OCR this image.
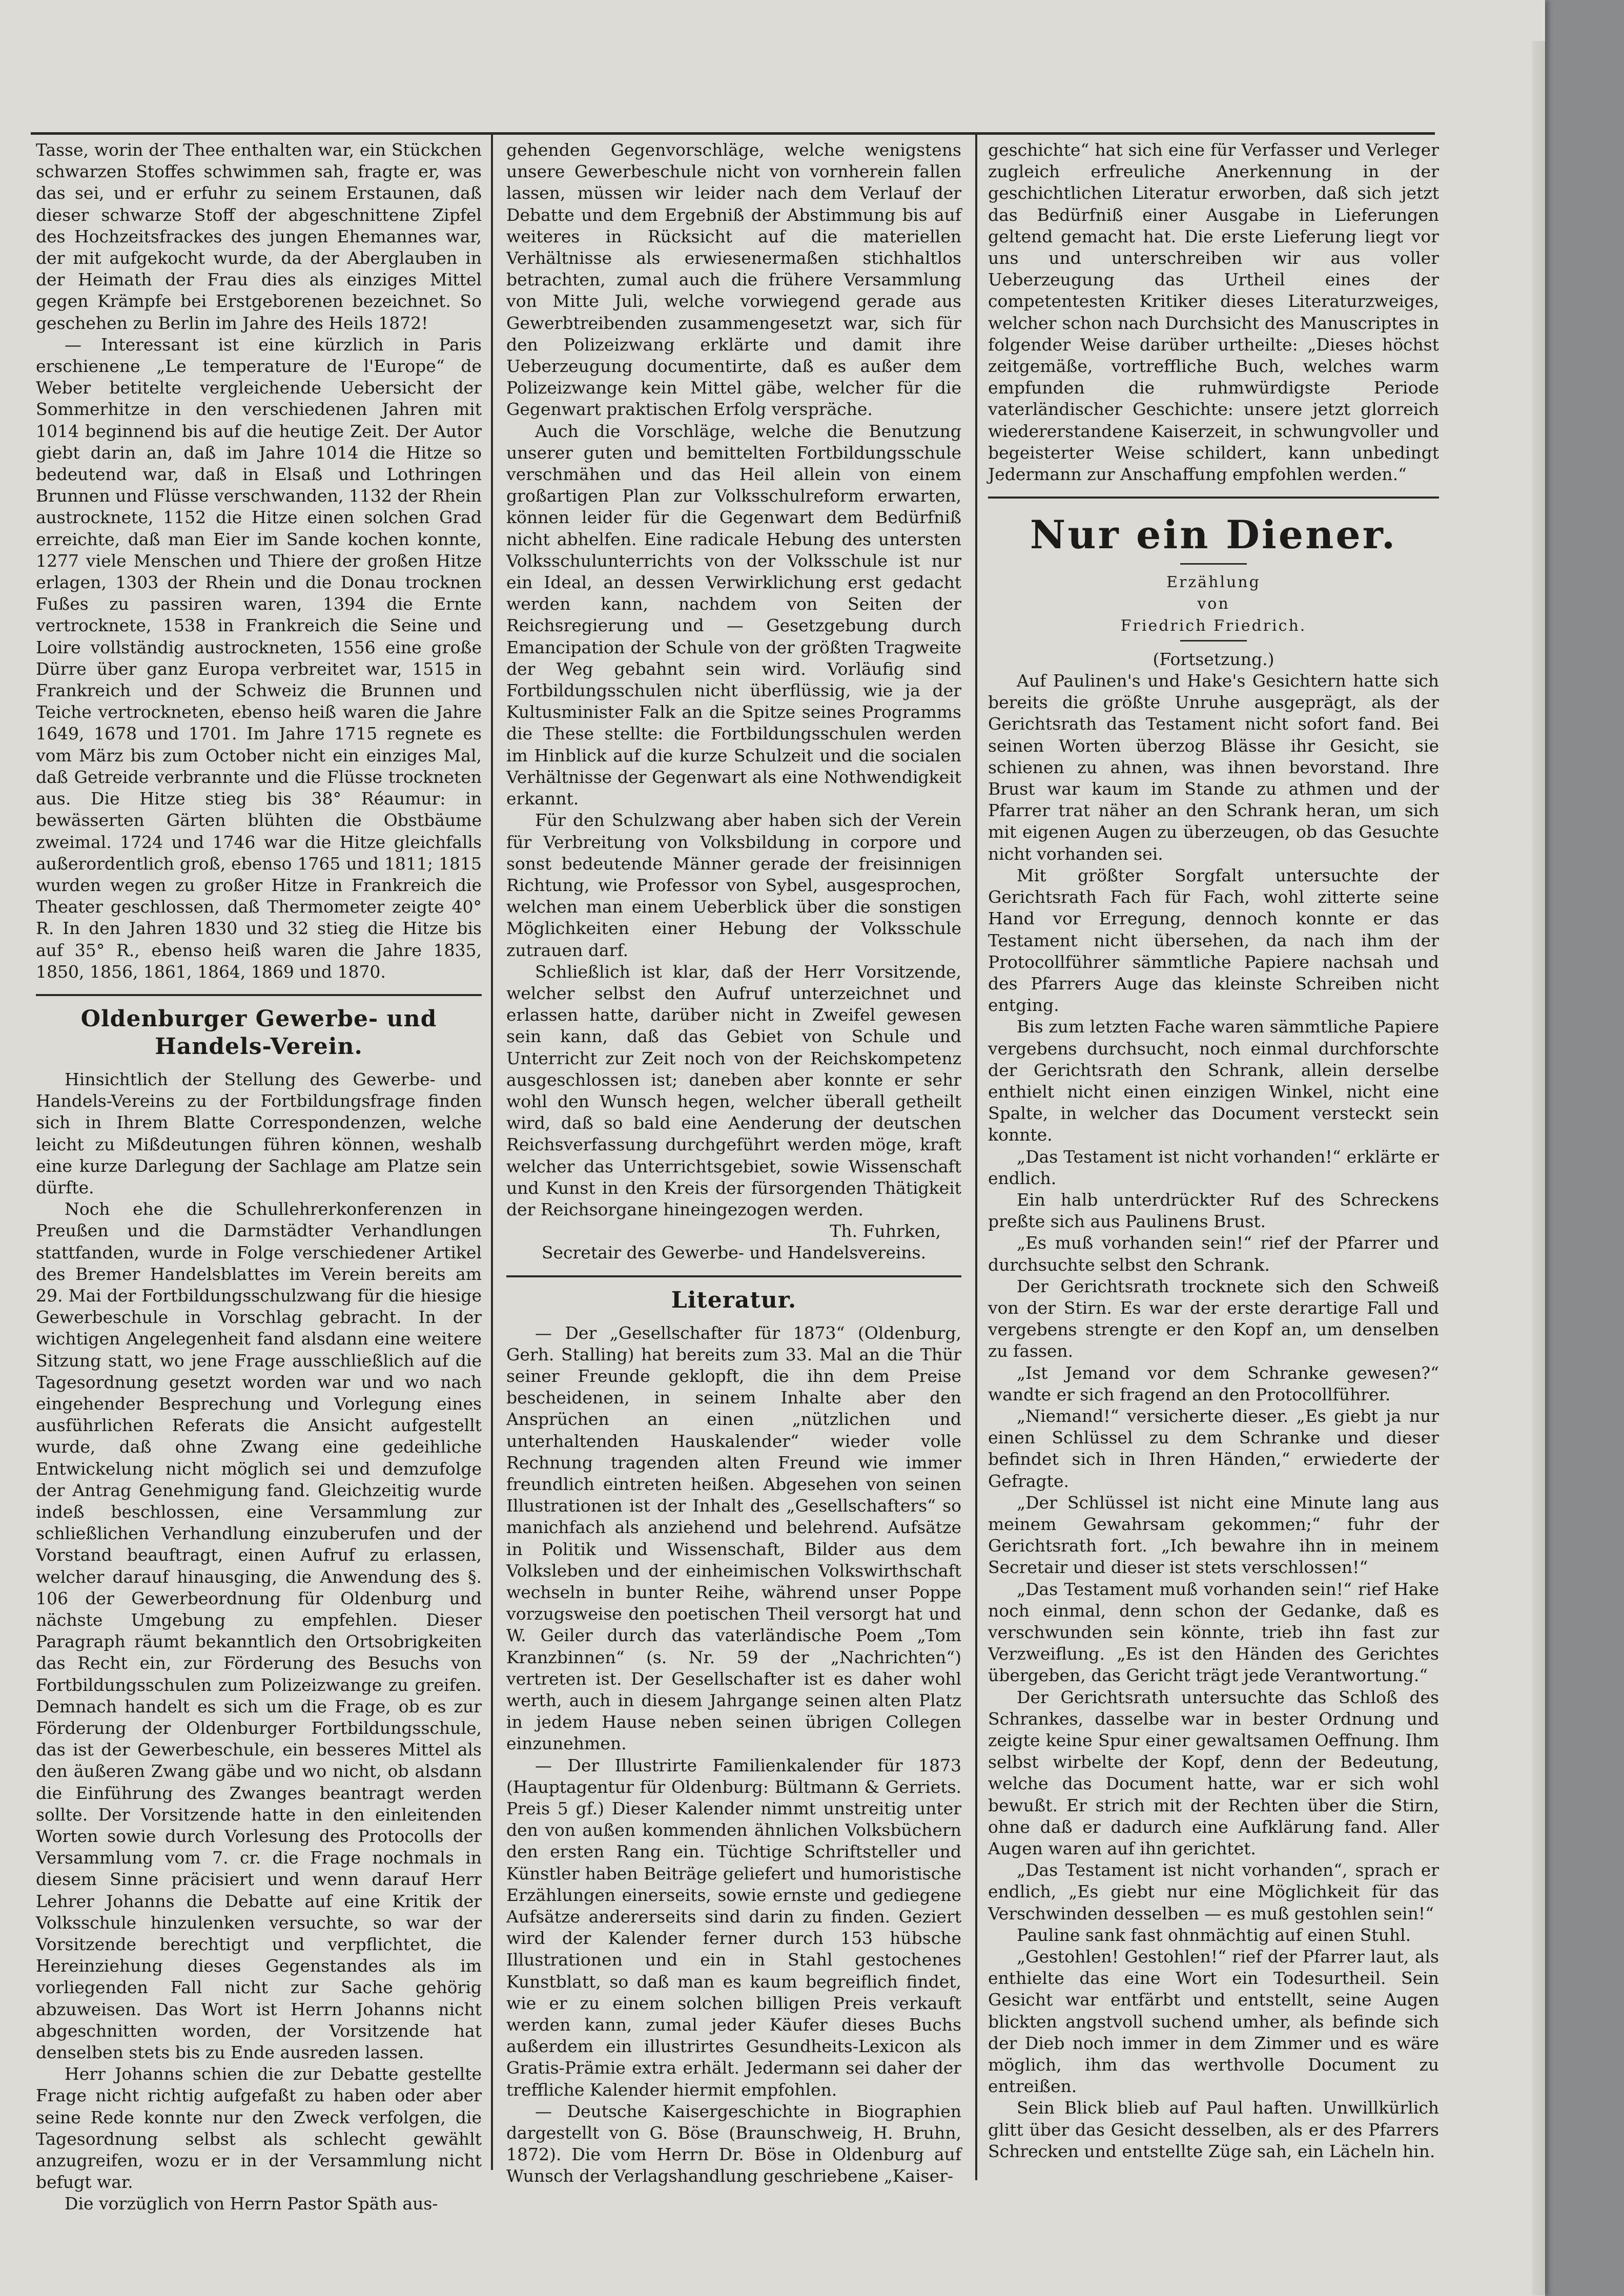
Tasse, worin der Thee enthalten war, ein Stückchen schwarzen Stoffes schwimmen sah, fragte er, was das sei, und er erfuhr zu seinem Erstaunen, daß dieser schwarze Stoff der abgeschnittene Zipfel des Hochzeitsfrackes des jungen Ehemannes war, der mit aufgekocht wurde, da der Aberglauben in der Heimath der Frau dies als einziges Mittel gegen Krämpfe bei Erstgeborenen bezeichnet. So geschehen zu Berlin im Jahre des Heils 1872!

— Interessant ist eine kürzlich in Paris erschienene „Le temperature de l'Europe“ de Weber betitelte vergleichende Uebersicht der Sommerhitze in den verschiedenen Jahren mit 1014 beginnend bis auf die heutige Zeit. Der Autor giebt darin an, daß im Jahre 1014 die Hitze so bedeutend war, daß in Elsaß und Lothringen Brunnen und Flüsse verschwanden, 1132 der Rhein austrocknete, 1152 die Hitze einen solchen Grad erreichte, daß man Eier im Sande kochen konnte, 1277 viele Menschen und Thiere der großen Hitze erlagen, 1303 der Rhein und die Donau trocknen Fußes zu passiren waren, 1394 die Ernte vertrocknete, 1538 in Frankreich die Seine und Loire vollständig austrockneten, 1556 eine große Dürre über ganz Europa verbreitet war, 1515 in Frankreich und der Schweiz die Brunnen und Teiche vertrockneten, ebenso heiß waren die Jahre 1649, 1678 und 1701. Im Jahre 1715 regnete es vom März bis zum October nicht ein einziges Mal, daß Getreide verbrannte und die Flüsse trockneten aus. Die Hitze stieg bis 38° Réaumur: in bewässerten Gärten blühten die Obstbäume zweimal. 1724 und 1746 war die Hitze gleichfalls außerordentlich groß, ebenso 1765 und 1811; 1815 wurden wegen zu großer Hitze in Frankreich die Theater geschlossen, daß Thermometer zeigte 40° R. In den Jahren 1830 und 32 stieg die Hitze bis auf 35° R., ebenso heiß waren die Jahre 1835, 1850, 1856, 1861, 1864, 1869 und 1870.

Oldenburger Gewerbe- und Handels-Verein.

Hinsichtlich der Stellung des Gewerbe- und Handels-Vereins zu der Fortbildungsfrage finden sich in Ihrem Blatte Correspondenzen, welche leicht zu Mißdeutungen führen können, weshalb eine kurze Darlegung der Sachlage am Platze sein dürfte.

Noch ehe die Schullehrerkonferenzen in Preußen und die Darmstädter Verhandlungen stattfanden, wurde in Folge verschiedener Artikel des Bremer Handelsblattes im Verein bereits am 29. Mai der Fortbildungsschulzwang für die hiesige Gewerbeschule in Vorschlag gebracht. In der wichtigen Angelegenheit fand alsdann eine weitere Sitzung statt, wo jene Frage ausschließlich auf die Tagesordnung gesetzt worden war und wo nach eingehender Besprechung und Vorlegung eines ausführlichen Referats die Ansicht aufgestellt wurde, daß ohne Zwang eine gedeihliche Entwickelung nicht möglich sei und demzufolge der Antrag Genehmigung fand. Gleichzeitig wurde indeß beschlossen, eine Versammlung zur schließlichen Verhandlung einzuberufen und der Vorstand beauftragt, einen Aufruf zu erlassen, welcher darauf hinausging, die Anwendung des §. 106 der Gewerbeordnung für Oldenburg und nächste Umgebung zu empfehlen. Dieser Paragraph räumt bekanntlich den Ortsobrigkeiten das Recht ein, zur Förderung des Besuchs von Fortbildungsschulen zum Polizeizwange zu greifen. Demnach handelt es sich um die Frage, ob es zur Förderung der Oldenburger Fortbildungsschule, das ist der Gewerbeschule, ein besseres Mittel als den äußeren Zwang gäbe und wo nicht, ob alsdann die Einführung des Zwanges beantragt werden sollte. Der Vorsitzende hatte in den einleitenden Worten sowie durch Vorlesung des Protocolls der Versammlung vom 7. cr. die Frage nochmals in diesem Sinne präcisiert und wenn darauf Herr Lehrer Johanns die Debatte auf eine Kritik der Volksschule hinzulenken versuchte, so war der Vorsitzende berechtigt und verpflichtet, die Hereinziehung dieses Gegenstandes als im vorliegenden Fall nicht zur Sache gehörig abzuweisen. Das Wort ist Herrn Johanns nicht abgeschnitten worden, der Vorsitzende hat denselben stets bis zu Ende ausreden lassen.

Herr Johanns schien die zur Debatte gestellte Frage nicht richtig aufgefaßt zu haben oder aber seine Rede konnte nur den Zweck verfolgen, die Tagesordnung selbst als schlecht gewählt anzugreifen, wozu er in der Versammlung nicht befugt war.

Die vorzüglich von Herrn Pastor Späth aus-

gehenden Gegenvorschläge, welche wenigstens unsere Gewerbeschule nicht von vornherein fallen lassen, müssen wir leider nach dem Verlauf der Debatte und dem Ergebniß der Abstimmung bis auf weiteres in Rücksicht auf die materiellen Verhältnisse als erwiesenermaßen stichhaltlos betrachten, zumal auch die frühere Versammlung von Mitte Juli, welche vorwiegend gerade aus Gewerbtreibenden zusammengesetzt war, sich für den Polizeizwang erklärte und damit ihre Ueberzeugung documentirte, daß es außer dem Polizeizwange kein Mittel gäbe, welcher für die Gegenwart praktischen Erfolg verspräche.

Auch die Vorschläge, welche die Benutzung unserer guten und bemittelten Fortbildungsschule verschmähen und das Heil allein von einem großartigen Plan zur Volksschulreform erwarten, können leider für die Gegenwart dem Bedürfniß nicht abhelfen. Eine radicale Hebung des untersten Volksschulunterrichts von der Volksschule ist nur ein Ideal, an dessen Verwirklichung erst gedacht werden kann, nachdem von Seiten der Reichsregierung und — Gesetzgebung durch Emancipation der Schule von der größten Tragweite der Weg gebahnt sein wird. Vorläufig sind Fortbildungsschulen nicht überflüssig, wie ja der Kultusminister Falk an die Spitze seines Programms die These stellte: die Fortbildungsschulen werden im Hinblick auf die kurze Schulzeit und die socialen Verhältnisse der Gegenwart als eine Nothwendigkeit erkannt.

Für den Schulzwang aber haben sich der Verein für Verbreitung von Volksbildung in corpore und sonst bedeutende Männer gerade der freisinnigen Richtung, wie Professor von Sybel, ausgesprochen, welchen man einem Ueberblick über die sonstigen Möglichkeiten einer Hebung der Volksschule zutrauen darf.

Schließlich ist klar, daß der Herr Vorsitzende, welcher selbst den Aufruf unterzeichnet und erlassen hatte, darüber nicht in Zweifel gewesen sein kann, daß das Gebiet von Schule und Unterricht zur Zeit noch von der Reichskompetenz ausgeschlossen ist; daneben aber konnte er sehr wohl den Wunsch hegen, welcher überall getheilt wird, daß so bald eine Aenderung der deutschen Reichsverfassung durchgeführt werden möge, kraft welcher das Unterrichtsgebiet, sowie Wissenschaft und Kunst in den Kreis der fürsorgenden Thätigkeit der Reichsorgane hineingezogen werden.

Th. Fuhrken,

Secretair des Gewerbe- und Handelsvereins.

Literatur.

— Der „Gesellschafter für 1873“ (Oldenburg, Gerh. Stalling) hat bereits zum 33. Mal an die Thür seiner Freunde geklopft, die ihn dem Preise bescheidenen, in seinem Inhalte aber den Ansprüchen an einen „nützlichen und unterhaltenden Hauskalender“ wieder volle Rechnung tragenden alten Freund wie immer freundlich eintreten heißen. Abgesehen von seinen Illustrationen ist der Inhalt des „Gesellschafters“ so manichfach als anziehend und belehrend. Aufsätze in Politik und Wissenschaft, Bilder aus dem Volksleben und der einheimischen Volkswirthschaft wechseln in bunter Reihe, während unser Poppe vorzugsweise den poetischen Theil versorgt hat und W. Geiler durch das vaterländische Poem „Tom Kranzbinnen“ (s. Nr. 59 der „Nachrichten“) vertreten ist. Der Gesellschafter ist es daher wohl werth, auch in diesem Jahrgange seinen alten Platz in jedem Hause neben seinen übrigen Collegen einzunehmen.

— Der Illustrirte Familienkalender für 1873 (Hauptagentur für Oldenburg: Bültmann & Gerriets. Preis 5 gf.) Dieser Kalender nimmt unstreitig unter den von außen kommenden ähnlichen Volksbüchern den ersten Rang ein. Tüchtige Schriftsteller und Künstler haben Beiträge geliefert und humoristische Erzählungen einerseits, sowie ernste und gediegene Aufsätze andererseits sind darin zu finden. Geziert wird der Kalender ferner durch 153 hübsche Illustrationen und ein in Stahl gestochenes Kunstblatt, so daß man es kaum begreiflich findet, wie er zu einem solchen billigen Preis verkauft werden kann, zumal jeder Käufer dieses Buchs außerdem ein illustrirtes Gesundheits-Lexicon als Gratis-Prämie extra erhält. Jedermann sei daher der treffliche Kalender hiermit empfohlen.

— Deutsche Kaisergeschichte in Biographien dargestellt von G. Böse (Braunschweig, H. Bruhn, 1872). Die vom Herrn Dr. Böse in Oldenburg auf Wunsch der Verlagshandlung geschriebene „Kaiser-

geschichte“ hat sich eine für Verfasser und Verleger zugleich erfreuliche Anerkennung in der geschichtlichen Literatur erworben, daß sich jetzt das Bedürfniß einer Ausgabe in Lieferungen geltend gemacht hat. Die erste Lieferung liegt vor uns und unterschreiben wir aus voller Ueberzeugung das Urtheil eines der competentesten Kritiker dieses Literaturzweiges, welcher schon nach Durchsicht des Manuscriptes in folgender Weise darüber urtheilte: „Dieses höchst zeitgemäße, vortreffliche Buch, welches warm empfunden die ruhmwürdigste Periode vaterländischer Geschichte: unsere jetzt glorreich wiedererstandene Kaiserzeit, in schwungvoller und begeisterter Weise schildert, kann unbedingt Jedermann zur Anschaffung empfohlen werden.“

Nur ein Diener.

Erzählung

von

Friedrich Friedrich.

(Fortsetzung.)

Auf Paulinen's und Hake's Gesichtern hatte sich bereits die größte Unruhe ausgeprägt, als der Gerichtsrath das Testament nicht sofort fand. Bei seinen Worten überzog Blässe ihr Gesicht, sie schienen zu ahnen, was ihnen bevorstand. Ihre Brust war kaum im Stande zu athmen und der Pfarrer trat näher an den Schrank heran, um sich mit eigenen Augen zu überzeugen, ob das Gesuchte nicht vorhanden sei.

Mit größter Sorgfalt untersuchte der Gerichtsrath Fach für Fach, wohl zitterte seine Hand vor Erregung, dennoch konnte er das Testament nicht übersehen, da nach ihm der Protocollführer sämmtliche Papiere nachsah und des Pfarrers Auge das kleinste Schreiben nicht entging.

Bis zum letzten Fache waren sämmtliche Papiere vergebens durchsucht, noch einmal durchforschte der Gerichtsrath den Schrank, allein derselbe enthielt nicht einen einzigen Winkel, nicht eine Spalte, in welcher das Document versteckt sein konnte.

„Das Testament ist nicht vorhanden!“ erklärte er endlich.

Ein halb unterdrückter Ruf des Schreckens preßte sich aus Paulinens Brust.

„Es muß vorhanden sein!“ rief der Pfarrer und durchsuchte selbst den Schrank.

Der Gerichtsrath trocknete sich den Schweiß von der Stirn. Es war der erste derartige Fall und vergebens strengte er den Kopf an, um denselben zu fassen.

„Ist Jemand vor dem Schranke gewesen?“ wandte er sich fragend an den Protocollführer.

„Niemand!“ versicherte dieser. „Es giebt ja nur einen Schlüssel zu dem Schranke und dieser befindet sich in Ihren Händen,“ erwiederte der Gefragte.

„Der Schlüssel ist nicht eine Minute lang aus meinem Gewahrsam gekommen;“ fuhr der Gerichtsrath fort. „Ich bewahre ihn in meinem Secretair und dieser ist stets verschlossen!“

„Das Testament muß vorhanden sein!“ rief Hake noch einmal, denn schon der Gedanke, daß es verschwunden sein könnte, trieb ihn fast zur Verzweiflung. „Es ist den Händen des Gerichtes übergeben, das Gericht trägt jede Verantwortung.“

Der Gerichtsrath untersuchte das Schloß des Schrankes, dasselbe war in bester Ordnung und zeigte keine Spur einer gewaltsamen Oeffnung. Ihm selbst wirbelte der Kopf, denn der Bedeutung, welche das Document hatte, war er sich wohl bewußt. Er strich mit der Rechten über die Stirn, ohne daß er dadurch eine Aufklärung fand. Aller Augen waren auf ihn gerichtet.

„Das Testament ist nicht vorhanden“, sprach er endlich, „Es giebt nur eine Möglichkeit für das Verschwinden desselben — es muß gestohlen sein!“

Pauline sank fast ohnmächtig auf einen Stuhl.

„Gestohlen! Gestohlen!“ rief der Pfarrer laut, als enthielte das eine Wort ein Todesurtheil. Sein Gesicht war entfärbt und entstellt, seine Augen blickten angstvoll suchend umher, als befinde sich der Dieb noch immer in dem Zimmer und es wäre möglich, ihm das werthvolle Document zu entreißen.

Sein Blick blieb auf Paul haften. Unwillkürlich glitt über das Gesicht desselben, als er des Pfarrers Schrecken und entstellte Züge sah, ein Lächeln hin.
